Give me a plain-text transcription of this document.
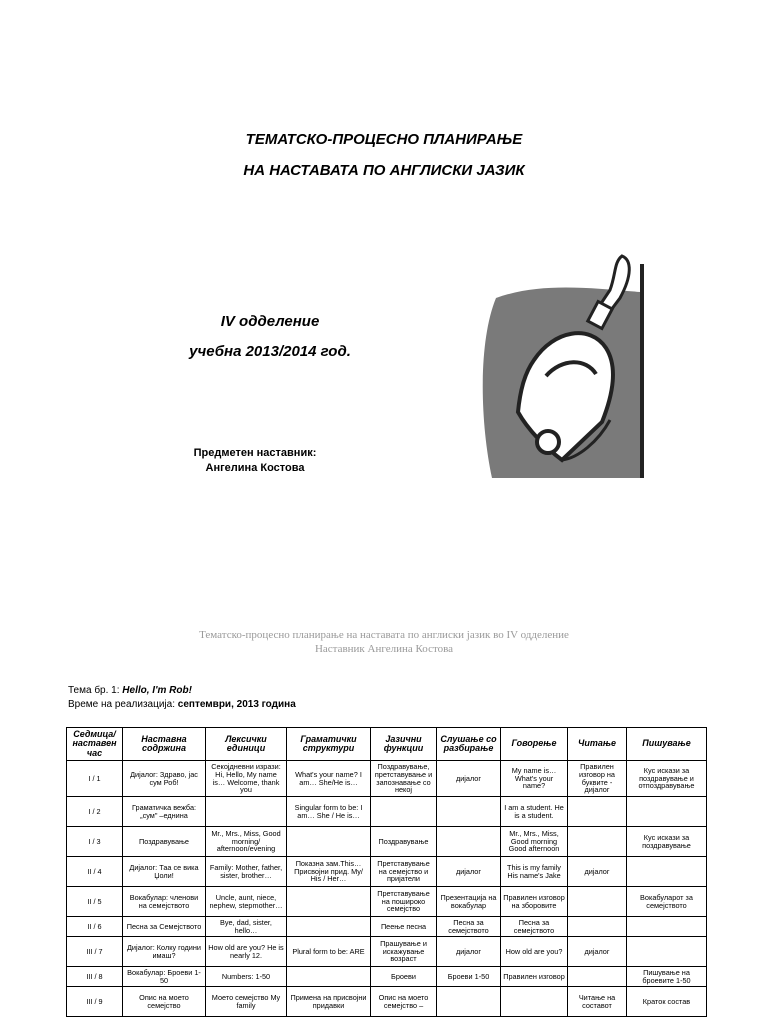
ТЕМАТСКО-ПРОЦЕСНО ПЛАНИРАЊЕ
НА НАСТАВАТА ПО АНГЛИСКИ ЈАЗИК
IV одделение
учебна 2013/2014 год.
Предметен наставник:
Ангелина Костова
Тематско-процесно планирање на наставата по англиски јазик во IV одделение
Наставник Ангелина Костова
Тема бр. 1: Hello, I'm Rob!
Време на реализација: септември, 2013 година
Седмица/ наставен час	Наставна содржина	Лексички единици	Граматички структури	Јазични функции	Слушање со разбирање	Говорење	Читање	Пишување
I / 1	Дијалог: Здраво, јас сум Роб!	Секојдневни изрази: Hi, Hello, My name is… Welcome, thank you	What's your name? I am… She/He is…	Поздравување, претставување и запознавање со некој	дијалог	My name is… What's your name?	Правилен изговор на буквите - дијалог	Кус искази за поздравување и отпоздравување
I / 2	Граматичка вежба: „сум" –еднина		Singular form to be: I am… She / He is…			I am a student. He is a student.		
I / 3	Поздравување	Mr., Mrs., Miss, Good morning/ afternoon/evening		Поздравување		Mr., Mrs., Miss, Good morning Good afternoon		Кус искази за поздравување
II / 4	Дијалог: Таа се вика Џоли!	Family: Mother, father, sister, brother…	Показна зам.This… Присвојни прид. My/ His / Her…	Претставување на семејство и пријатели	дијалог	This is my family His name's Jake	дијалог	
II / 5	Вокабулар: членови на семејството	Uncle, aunt, niece, nephew, stepmother…		Претставување на пошироко семејство	Презентација на вокабулар	Правилен изговор на зборовите		Вокабуларот за семејството
II / 6	Песна за Семејството	Bye, dad, sister, hello…		Пеење песна	Песна за семејството	Песна за семејството		
III / 7	Дијалог: Колку години имаш?	How old are you? He is nearly 12.	Plural form to be: ARE	Прашување и искажување возраст	дијалог	How old are you?	дијалог	
III / 8	Вокабулар: Броеви 1-50	Numbers: 1-50		Броеви	Броеви 1-50	Правилен изговор		Пишување на броевите 1-50
III / 9	Опис на моето семејство	Моето семејство My family	Примена на присвојни придавки	Опис на моето семејство –			Читање на составот	Краток состав
